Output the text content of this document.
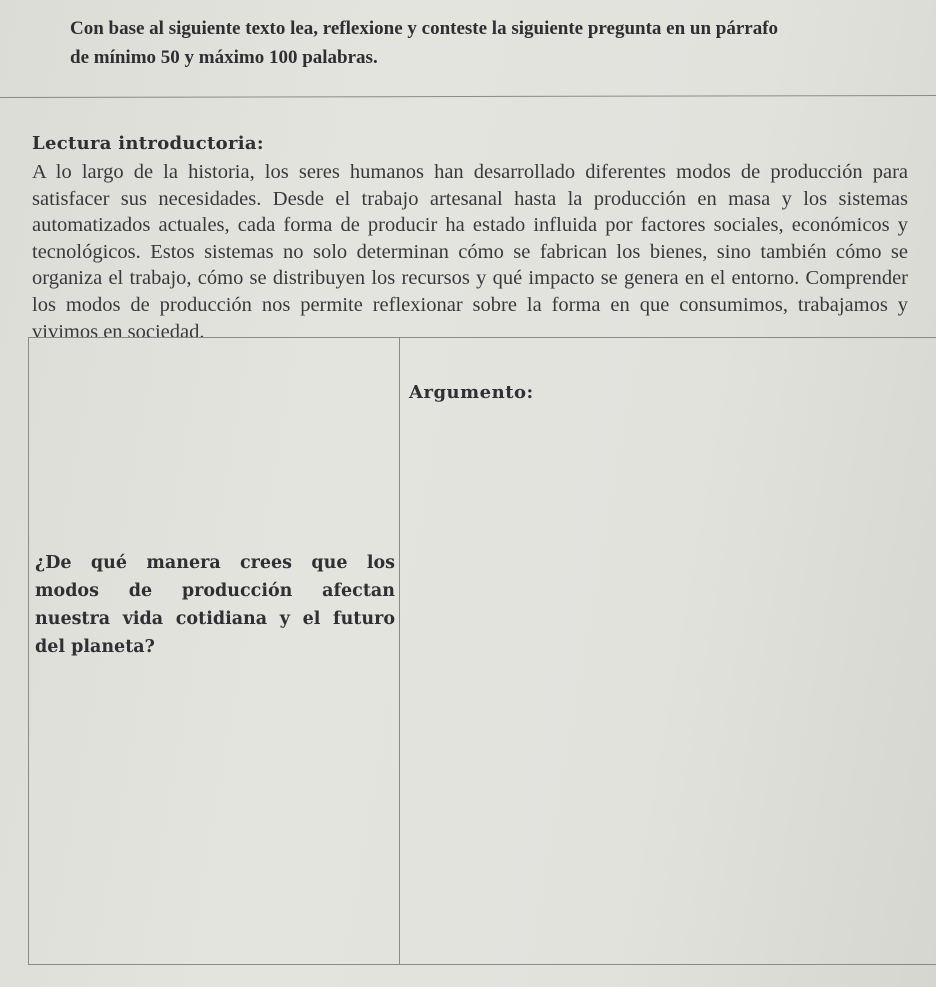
Con base al siguiente texto lea, reflexione y conteste la siguiente pregunta en un párrafo
de mínimo 50 y máximo 100 palabras.

Lectura introductoria:

A lo largo de la historia, los seres humanos han desarrollado diferentes modos de producción para satisfacer sus necesidades. Desde el trabajo artesanal hasta la producción en masa y los sistemas automatizados actuales, cada forma de producir ha estado influida por factores sociales, económicos y tecnológicos. Estos sistemas no solo determinan cómo se fabrican los bienes, sino también cómo se organiza el trabajo, cómo se distribuyen los recursos y qué impacto se genera en el entorno. Comprender los modos de producción nos permite reflexionar sobre la forma en que consumimos, trabajamos y vivimos en sociedad.

Argumento:

¿De qué manera crees que los modos de producción afectan nuestra vida cotidiana y el futuro del planeta?
